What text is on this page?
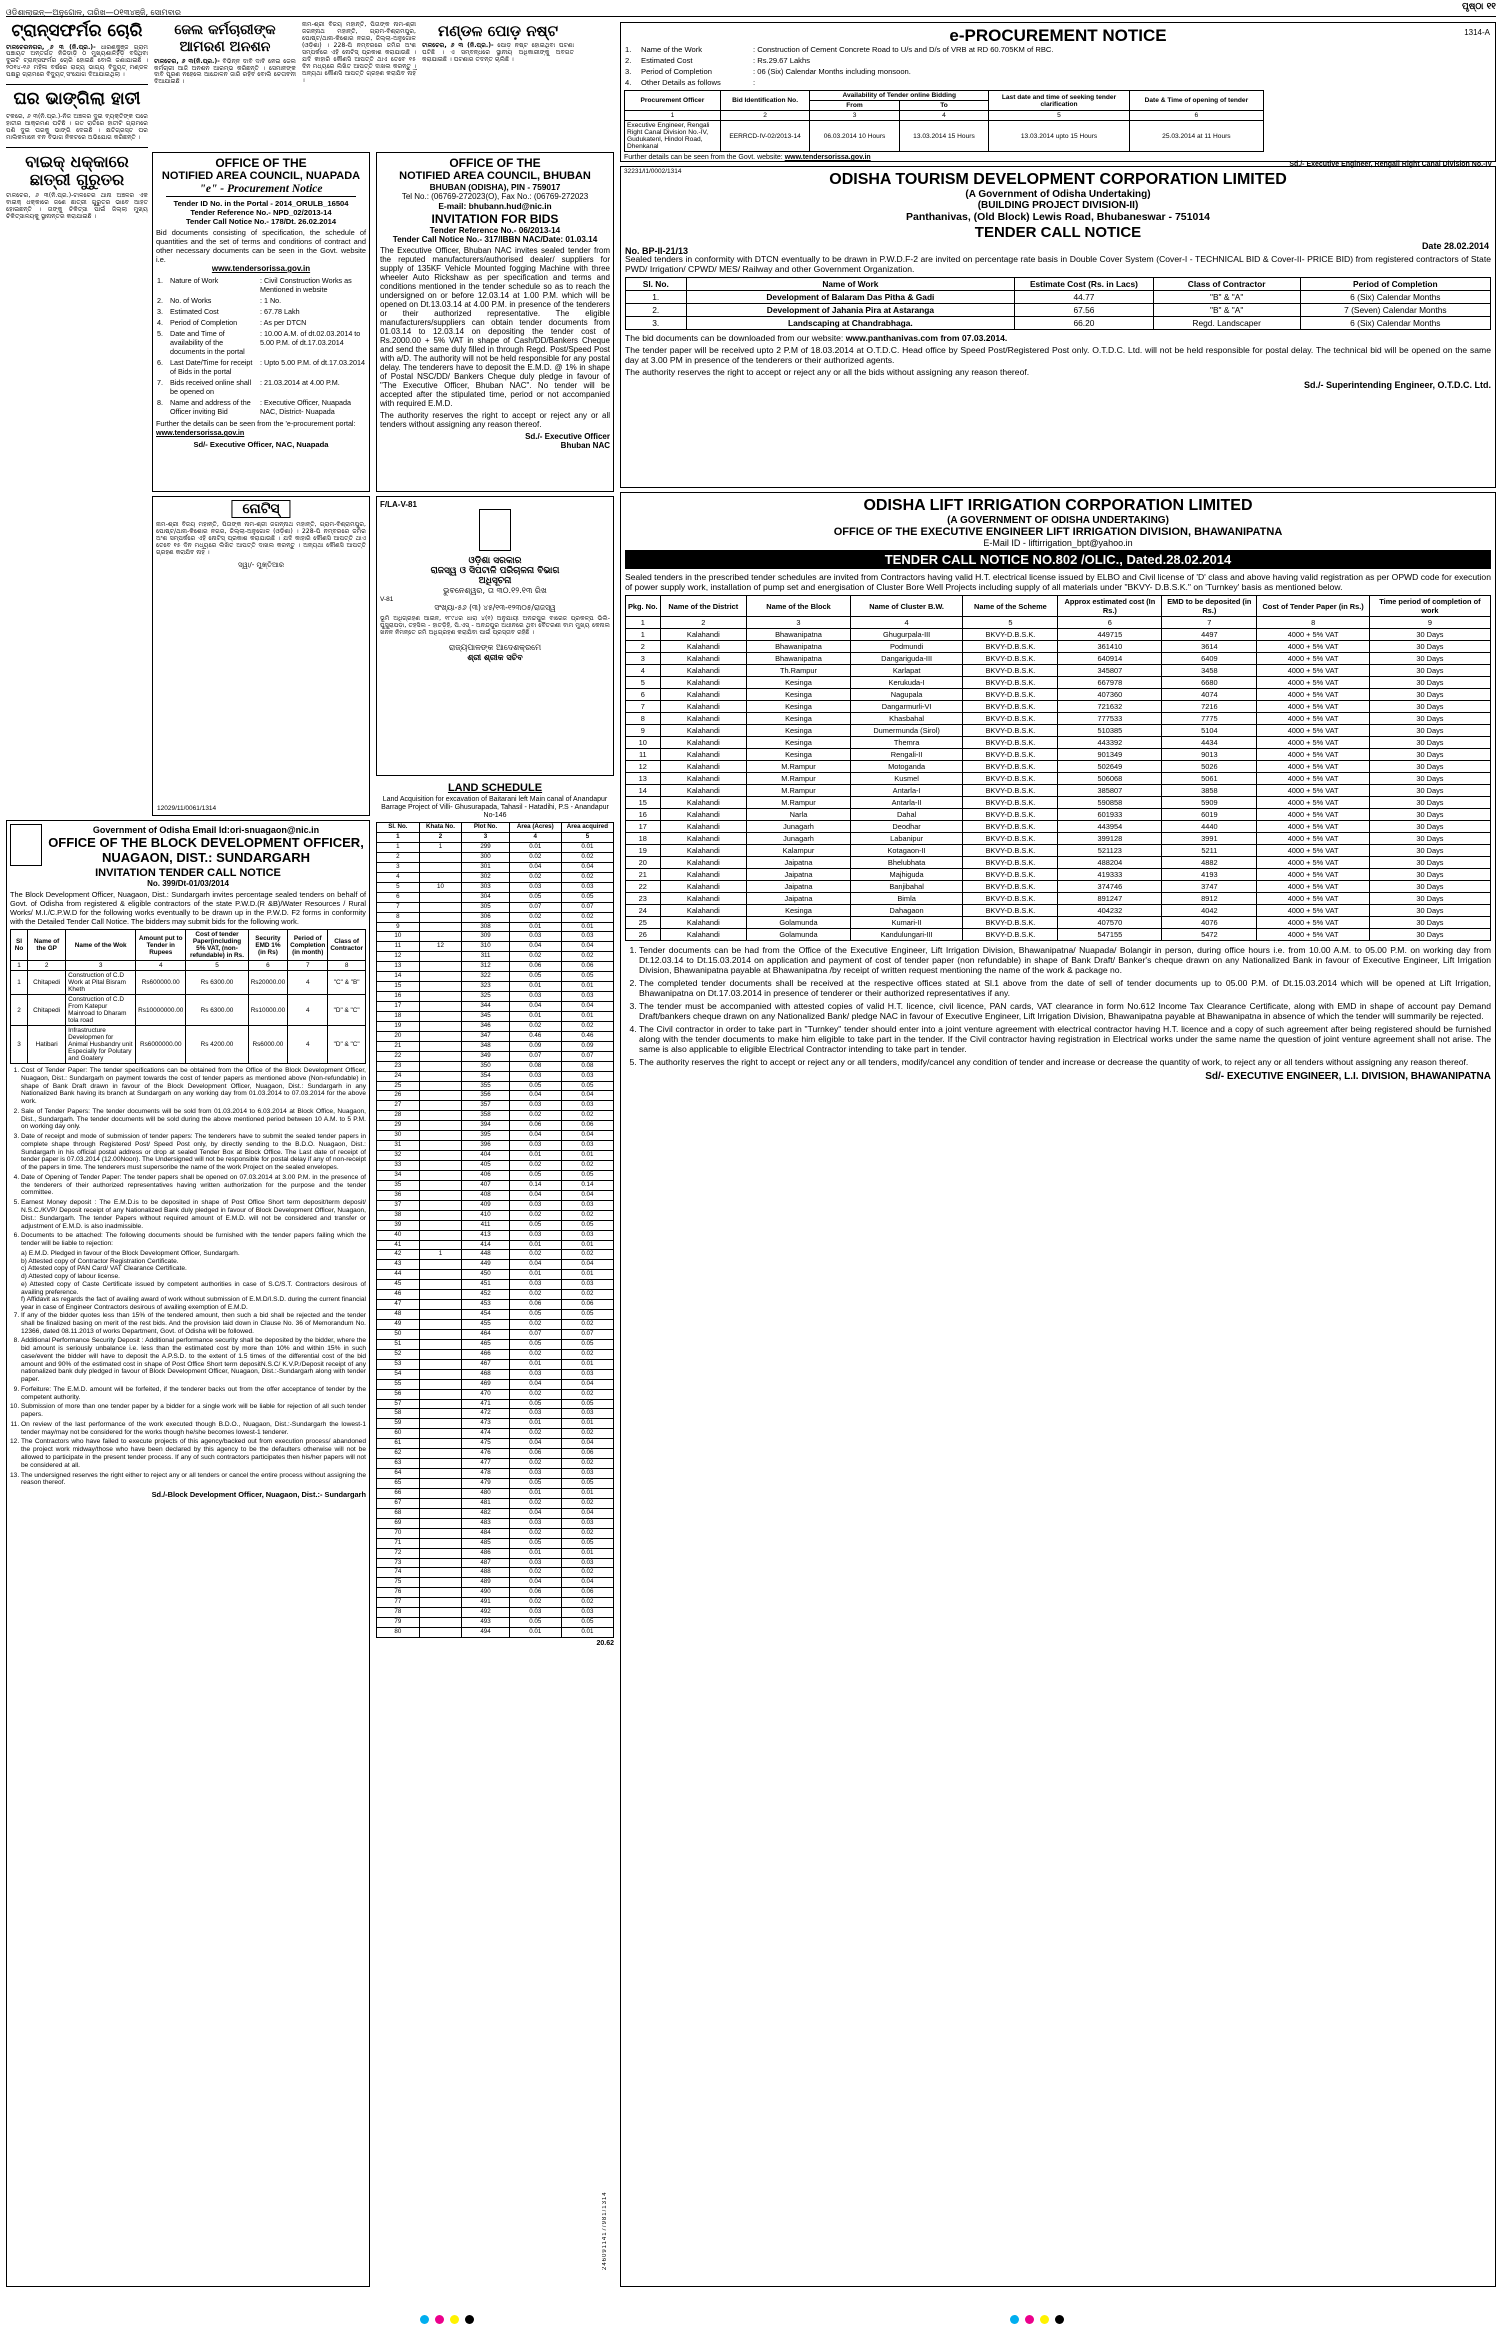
ଓଡ଼ିଶାଲାଇନ୍—ଅନୁଗୋଳ, ତାରିଖ—୦୧୩୪ଞ୍ଜି, ସୋମବାର
ପୃଷ୍ଠା ୧୧
ଟ୍ରାନ୍ସଫର୍ମର ଚୋରି
ଟାଳଚେରନଗର, ୬ ୩ (ନି.ପ୍ର.)- ଧାରଣକୁଞ୍ଜ ଗ୍ରାମ ପଞ୍ଚାୟତ ଅନ୍ତର୍ଗତ ନିଜିଡ଼ାଡ଼ି ଠ ମୁଖ୍ୟଶାଳିହିଡ଼ି ବସିଥିବା ଦୁଇଟି ଟ୍ରାନ୍ସଫର୍ମର ଚୋରି ହୋଇଛି ବୋଲି ଜଣାଯାଇଛି । ୨୦୧୪-୧୬ ମହିଳା ବର୍ଷରେ ରାଜ୍ୟ ଭାଗ୍ୟ ବିଦ୍ୟୁତ୍ ମଣ୍ଡଳ ପକ୍ଷରୁ ଗ୍ରାମରେ ବିଦ୍ୟୁତ୍ ସଂଯୋଗ ଦିଆଯାଇଥିଲା ।
ଘର ଭାଙ୍ଗିଲା ହାତୀ
ଟକରେ, ୬ ୩(ନି.ପ୍ର.)-ନିଜ ଅଞ୍ଚଳର ଦୁଇ ବ୍ୟକ୍ତିଙ୍କ ଘରେ ହାତୀର ଆକ୍ରମଣ ଘଟିଛି । ଗତ ରାତିରେ ହାତୀଟି ଗ୍ରାମରେ ପଶି ଦୁଇ ଘରକୁ ଭାଙ୍ଗି ଦେଇଛି । କ୍ଷତିଗ୍ରସ୍ତ ଘର ମାଲିକମାନେ ବନ ବିଭାଗ ନିକଟରେ ଅଭିଯୋଗ କରିଛନ୍ତି ।
ବାଇକ୍ ଧକ୍କାରେ ଛାତ୍ରୀ ଗୁରୁତର
ଟାଳଚେର, ୬ ୩(ନି.ପ୍ର.)-ଟାଳଚେର ଥାନା ଅଞ୍ଚଳର ଏକ ବାଇକ୍ ଧକ୍କାରେ ଜଣେ ଛାତ୍ରୀ ଗୁରୁତର ଭାବେ ଆହତ ହୋଇଛନ୍ତି । ତାଙ୍କୁ ଚିକିତ୍ସା ପାଇଁ ଜିଲ୍ଲା ମୁଖ୍ୟ ଚିକିତ୍ସାଳୟକୁ ସ୍ଥାନାନ୍ତର କରାଯାଇଛି ।
ଜେଲ କର୍ମଚାରୀଙ୍କ ଆମରଣ ଅନଶନ
ଟାଳଚେର, ୬ ୩(ନି.ପ୍ର.)- ବିଭିନ୍ନ ଦାବି ଦାବି ନେଇ ଜେଲ କର୍ମଚାରୀ ଆଜି ଅନଶନ ଆରମ୍ଭ କରିଛନ୍ତି । ସେମାନଙ୍କ ଦାବି ପୂରଣ ନହେଲେ ଆନ୍ଦୋଳନ ଜାରି ରହିବ ବୋଲି ଚେତାବନୀ ଦିଆଯାଇଛି ।
ମଣ୍ଡଳ ପୋଡ଼ ନଷ୍ଟ
ଟାଳଚେର, ୬ ୩ (ନି.ପ୍ର.)- ପୋଡ଼ ନଷ୍ଟ ହୋଇଥିବା ଘଟଣା ଘଟିଛି । ଏ ସମ୍ବନ୍ଧରେ ସ୍ଥାନୀୟ ଅଧିକାରୀଙ୍କୁ ଅବଗତ କରାଯାଇଛି । ଘଟଣାର ତଦନ୍ତ ଚାଲିଛି ।
ନାମ-ଶ୍ରୀ ବିଜୟ ମହାନ୍ତି, ପିତାଙ୍କ ନାମ-ଶ୍ରୀ ଜଗନ୍ନାଥ ମହାନ୍ତି, ଗ୍ରାମ-ବିଶ୍ରାମପୁର, ପୋଷ୍ଟ/ଥାନା-କିଶୋର ନଗର, ଜିଲ୍ଲା-ଅନୁଗୋଳ (ଓଡ଼ିଶା) । 228-ପି ନମ୍ବରରେ ଜମିର ଅଂଶ ସମ୍ପର୍କରେ ଏହି ନୋଟିସ୍ ପ୍ରକାଶ କରାଯାଉଛି । ଯଦି କାହାରି କୌଣସି ଆପତ୍ତି ଥାଏ ତେବେ ୧୫ ଦିନ ମଧ୍ୟରେ ଲିଖିତ ଆପତ୍ତି ଦାଖଲ କରନ୍ତୁ । ଅନ୍ୟଥା କୌଣସି ଆପତ୍ତି ଗ୍ରହଣ କରାଯିବ ନାହିଁ ।
OFFICE OF THE
NOTIFIED AREA COUNCIL, NUAPADA
"e" - Procurement Notice
Tender ID No. in the Portal - 2014_ORULB_16504
Tender Reference No.- NPD_02/2013-14
Tender Call Notice No.- 178/Dt. 26.02.2014
Bid documents consisting of specification, the schedule of quantities and the set of terms and conditions of contract and other necessary documents can be seen in the Govt. website i.e.
www.tendersorissa.gov.in
1.	Nature of Work	: Civil Construction Works as Mentioned in website
2.	No. of Works	: 1 No.
3.	Estimated Cost	: 67.78 Lakh
4.	Period of Completion	: As per DTCN
5.	Date and Time of availability of the documents in the portal	: 10.00 A.M. of dt.02.03.2014 to 5.00 P.M. of dt.17.03.2014
6.	Last Date/Time for receipt of Bids in the portal	: Upto 5.00 P.M. of dt.17.03.2014
7.	Bids received online shall be opened on	: 21.03.2014 at 4.00 P.M.
8.	Name and address of the Officer inviting Bid	: Executive Officer, Nuapada NAC, District- Nuapada
Further the details can be seen from the 'e-procurement portal: www.tendersorissa.gov.in
Sd/- Executive Officer, NAC, Nuapada
ନୋଟିସ୍
ନାମ-ଶ୍ରୀ ବିଜୟ ମହାନ୍ତି, ପିତାଙ୍କ ନାମ-ଶ୍ରୀ ଜଗନ୍ନାଥ ମହାନ୍ତି, ଗ୍ରାମ-ବିଶ୍ରାମପୁର, ପୋଷ୍ଟ/ଥାନା-କିଶୋର ନଗର, ଜିଲ୍ଲା-ଅନୁଗୋଳ (ଓଡ଼ିଶା) । 228-ପି ନମ୍ବରରେ ଜମିର ଅଂଶ ସମ୍ପର୍କରେ ଏହି ନୋଟିସ୍ ପ୍ରକାଶ କରାଯାଉଛି । ଯଦି କାହାରି କୌଣସି ଆପତ୍ତି ଥାଏ ତେବେ ୧୫ ଦିନ ମଧ୍ୟରେ ଲିଖିତ ଆପତ୍ତି ଦାଖଲ କରନ୍ତୁ । ଅନ୍ୟଥା କୌଣସି ଆପତ୍ତି ଗ୍ରହଣ କରାଯିବ ନାହିଁ ।
ସ୍ୱା/- ମୁଖ୍ତିଆର
12029/11/0061/1314
OFFICE OF THE
NOTIFIED AREA COUNCIL, BHUBAN
BHUBAN (ODISHA), PIN - 759017
Tel No.: (06769-272023(O), Fax No.: (06769-272023
E-mail: bhubann.hud@nic.in
INVITATION FOR BIDS
Tender Reference No.- 06/2013-14
Tender Call Notice No.- 317/IBBN NAC/Date: 01.03.14
The Executive Officer, Bhuban NAC invites sealed tender from the reputed manufacturers/authorised dealer/ suppliers for supply of 135KF Vehicle Mounted fogging Machine with three wheeler Auto Rickshaw as per specification and terms and conditions mentioned in the tender schedule so as to reach the undersigned on or before 12.03.14 at 1.00 P.M. which will be opened on Dt.13.03.14 at 4.00 P.M. in presence of the tenderers or their authorized representative. The eligible manufacturers/suppliers can obtain tender documents from 01.03.14 to 12.03.14 on depositing the tender cost of Rs.2000.00 + 5% VAT in shape of Cash/DD/Bankers Cheque and send the same duly filled in through Regd. Post/Speed Post with a/D. The authority will not be held responsible for any postal delay. The tenderers have to deposit the E.M.D. @ 1% in shape of Postal NSC/DD/ Bankers Cheque duly pledge in favour of "The Executive Officer, Bhuban NAC". No tender will be accepted after the stipulated time, period or not accompanied with required E.M.D.
The authority reserves the right to accept or reject any or all tenders without assigning any reason thereof.
Sd./- Executive Officer
Bhuban NAC
F/LA-V-81
ଓଡ଼ିଶା ସରକାର
ରାଜସ୍ୱ ଓ ସିପଟାଳି ପରିଚାଳନା ବିଭାଗ
ଅଧିସୂଚନା
ଭୁବନେଶ୍ୱର, ତା ୩୦.୧୨.୧୩ ରିଖ
V-81
ସଂଖ୍ୟା-୫୬ (୩) ୪୫/୧୩-୧୨୩୦୫/ରାଜସ୍ୱ
ଭୂମି ଅଧିଗ୍ରହଣ ଆଇନ, ୧୮୯୪ର ଧାରା ୪(୧) ଅନୁଯାୟୀ ଅନନ୍ଦପୁର ବାରେଜ ପ୍ରକଳ୍ପ ଭିଲି-ଘୁସୁରାପଡ଼ା, ତହସିଲ - ହାତଡ଼ିହି, ପି.ଏସ୍ - ଅନନ୍ଦପୁର ଅଧୀନରେ ଥିବା ବୈତରଣୀ ବାମ ମୁଖ୍ୟ କେନାଲ ଖନନ ନିମନ୍ତେ ଜମି ଅଧିଗ୍ରହଣ କରାଯିବା ପାଇଁ ପ୍ରସ୍ତାବ ରହିଛି ।
ରାଜ୍ୟପାଳଙ୍କ ଆଦେଶକ୍ରମେ
ଶ୍ରୀ ଶ୍ରୀକ ସଚିବ
LAND SCHEDULE
Land Acquisition for excavation of Baitarani left Main canal of Anandapur Barrage Project of Villi- Ghusurapada, Tahasil - Hatadihi, P.S - Anandapur No-146
Sl. No.	Khata No.	Plot No.	Area (Acres)	Area acquired
1	2	3	4	5
1	1	299	0.01	0.01
2		300	0.02	0.02
3		301	0.04	0.04
4		302	0.02	0.02
5	10	303	0.03	0.03
6		304	0.05	0.05
7		305	0.07	0.07
8		306	0.02	0.02
9		308	0.01	0.01
10		309	0.03	0.03
11	12	310	0.04	0.04
12		311	0.02	0.02
13		312	0.06	0.06
14		322	0.05	0.05
15		323	0.01	0.01
16		325	0.03	0.03
17		344	0.04	0.04
18		345	0.01	0.01
19		346	0.02	0.02
20		347	0.46	0.46
21		348	0.09	0.09
22		349	0.07	0.07
23		350	0.08	0.08
24		354	0.03	0.03
25		355	0.05	0.05
26		356	0.04	0.04
27		357	0.03	0.03
28		358	0.02	0.02
29		394	0.06	0.06
30		395	0.04	0.04
31		396	0.03	0.03
32		404	0.01	0.01
33		405	0.02	0.02
34		406	0.05	0.05
35		407	0.14	0.14
36		408	0.04	0.04
37		409	0.03	0.03
38		410	0.02	0.02
39		411	0.05	0.05
40		413	0.03	0.03
41		414	0.01	0.01
42	1	448	0.02	0.02
43		449	0.04	0.04
44		450	0.01	0.01
45		451	0.03	0.03
46		452	0.02	0.02
47		453	0.06	0.06
48		454	0.05	0.05
49		455	0.02	0.02
50		464	0.07	0.07
51		465	0.05	0.05
52		466	0.02	0.02
53		467	0.01	0.01
54		468	0.03	0.03
55		469	0.04	0.04
56		470	0.02	0.02
57		471	0.05	0.05
58		472	0.03	0.03
59		473	0.01	0.01
60		474	0.02	0.02
61		475	0.04	0.04
62		476	0.06	0.06
63		477	0.02	0.02
64		478	0.03	0.03
65		479	0.05	0.05
66		480	0.01	0.01
67		481	0.02	0.02
68		482	0.04	0.04
69		483	0.03	0.03
70		484	0.02	0.02
71		485	0.05	0.05
72		486	0.01	0.01
73		487	0.03	0.03
74		488	0.02	0.02
75		489	0.04	0.04
76		490	0.06	0.06
77		491	0.02	0.02
78		492	0.03	0.03
79		493	0.05	0.05
80		494	0.01	0.01
20.62
e-PROCUREMENT NOTICE	1314-A
1.	Name of the Work	: Construction of Cement Concrete Road to U/s and D/s of VRB at RD 60.705KM of RBC.
2.	Estimated Cost	: Rs.29.67 Lakhs
3.	Period of Completion	: 06 (Six) Calendar Months including monsoon.
4.	Other Details as follows	:
Procurement Officer	Bid Identification No.	Availability of Tender online Bidding		Last date and time of seeking tender clarification	Date & Time of opening of tender
		From	To		
1	2	3	4	5	6
Executive Engineer, Rengali Right Canal Division No.-IV, Gudukatenl, Hindol Road, Dhenkanal	EERRCD-IV-02/2013-14	06.03.2014 10 Hours	13.03.2014 15 Hours	13.03.2014 upto 15 Hours	25.03.2014 at 11 Hours
Further details can be seen from the Govt. website: www.tendersorissa.gov.in
Sd./- Executive Engineer, Rengali Right Canal Division No.-IV
32231/l1/0002/1314	ODISHA TOURISM DEVELOPMENT CORPORATION LIMITED
(A Government of Odisha Undertaking)
(BUILDING PROJECT DIVISION-II)
Panthanivas, (Old Block) Lewis Road, Bhubaneswar - 751014
TENDER CALL NOTICE
No. BP-II-21/13	Date 28.02.2014
Sealed tenders in conformity with DTCN eventually to be drawn in P.W.D.F-2 are invited on percentage rate basis in Double Cover System (Cover-I - TECHNICAL BID & Cover-II- PRICE BID) from registered contractors of State PWD/ Irrigation/ CPWD/ MES/ Railway and other Government Organization.
Sl. No.	Name of Work	Estimate Cost (Rs. in Lacs)	Class of Contractor	Period of Completion
1.	Development of Balaram Das Pitha & Gadi	44.77	"B" & "A"	6 (Six) Calendar Months
2.	Development of Jahania Pira at Astaranga	67.56	"B" & "A"	7 (Seven) Calendar Months
3.	Landscaping at Chandrabhaga.	66.20	Regd. Landscaper	6 (Six) Calendar Months
The bid documents can be downloaded from our website: www.panthanivas.com from 07.03.2014.
The tender paper will be received upto 2 P.M of 18.03.2014 at O.T.D.C. Head office by Speed Post/Registered Post only. O.T.D.C. Ltd. will not be held responsible for postal delay. The technical bid will be opened on the same day at 3.00 PM in presence of the tenderers or their authorized agents.
The authority reserves the right to accept or reject any or all the bids without assigning any reason thereof.
Sd./- Superintending Engineer, O.T.D.C. Ltd.
ODISHA LIFT IRRIGATION CORPORATION LIMITED
(A GOVERNMENT OF ODISHA UNDERTAKING)
OFFICE OF THE EXECUTIVE ENGINEER LIFT IRRIGATION DIVISION, BHAWANIPATNA
E-Mail ID - liftirrigation_bpt@yahoo.in
TENDER CALL NOTICE NO.802 /OLIC., Dated.28.02.2014
Sealed tenders in the prescribed tender schedules are invited from Contractors having valid H.T. electrical license issued by ELBO and Civil license of 'D' class and above having valid registration as per OPWD code for execution of power supply work, installation of pump set and energisation of Cluster Bore Well Projects including supply of all materials under "BKVY- D.B.S.K." on 'Turnkey' basis as mentioned below.
Pkg. No.	Name of the District	Name of the Block	Name of Cluster B.W.	Name of the Scheme	Approx estimated cost (In Rs.)	EMD to be deposited (in Rs.)	Cost of Tender Paper (in Rs.)	Time period of completion of work
1	2	3	4	5	6	7	8	9
1	Kalahandi	Bhawanipatna	Ghugurpala-III	BKVY-D.B.S.K.	449715	4497	4000 + 5% VAT	30 Days
2	Kalahandi	Bhawanipatna	Podmundi	BKVY-D.B.S.K.	361410	3614	4000 + 5% VAT	30 Days
3	Kalahandi	Bhawanipatna	Dangariguda-III	BKVY-D.B.S.K.	640914	6409	4000 + 5% VAT	30 Days
4	Kalahandi	Th.Rampur	Karlapat	BKVY-D.B.S.K.	345807	3458	4000 + 5% VAT	30 Days
5	Kalahandi	Kesinga	Kerukuda-I	BKVY-D.B.S.K.	667978	6680	4000 + 5% VAT	30 Days
6	Kalahandi	Kesinga	Nagupala	BKVY-D.B.S.K.	407360	4074	4000 + 5% VAT	30 Days
7	Kalahandi	Kesinga	Dangarmurli-VI	BKVY-D.B.S.K.	721632	7216	4000 + 5% VAT	30 Days
8	Kalahandi	Kesinga	Khasbahal	BKVY-D.B.S.K.	777533	7775	4000 + 5% VAT	30 Days
9	Kalahandi	Kesinga	Dumermunda (Sirol)	BKVY-D.B.S.K.	510385	5104	4000 + 5% VAT	30 Days
10	Kalahandi	Kesinga	Themra	BKVY-D.B.S.K.	443392	4434	4000 + 5% VAT	30 Days
11	Kalahandi	Kesinga	Rengali-II	BKVY-D.B.S.K.	901349	9013	4000 + 5% VAT	30 Days
12	Kalahandi	M.Rampur	Motoganda	BKVY-D.B.S.K.	502649	5026	4000 + 5% VAT	30 Days
13	Kalahandi	M.Rampur	Kusmel	BKVY-D.B.S.K.	506068	5061	4000 + 5% VAT	30 Days
14	Kalahandi	M.Rampur	Antarla-I	BKVY-D.B.S.K.	385807	3858	4000 + 5% VAT	30 Days
15	Kalahandi	M.Rampur	Antarla-II	BKVY-D.B.S.K.	590858	5909	4000 + 5% VAT	30 Days
16	Kalahandi	Narla	Dahal	BKVY-D.B.S.K.	601933	6019	4000 + 5% VAT	30 Days
17	Kalahandi	Junagarh	Deodhar	BKVY-D.B.S.K.	443954	4440	4000 + 5% VAT	30 Days
18	Kalahandi	Junagarh	Labanipur	BKVY-D.B.S.K.	399128	3991	4000 + 5% VAT	30 Days
19	Kalahandi	Kalampur	Kotagaon-II	BKVY-D.B.S.K.	521123	5211	4000 + 5% VAT	30 Days
20	Kalahandi	Jaipatna	Bhelubhata	BKVY-D.B.S.K.	488204	4882	4000 + 5% VAT	30 Days
21	Kalahandi	Jaipatna	Majhiguda	BKVY-D.B.S.K.	419333	4193	4000 + 5% VAT	30 Days
22	Kalahandi	Jaipatna	Banjibahal	BKVY-D.B.S.K.	374746	3747	4000 + 5% VAT	30 Days
23	Kalahandi	Jaipatna	Bimla	BKVY-D.B.S.K.	891247	8912	4000 + 5% VAT	30 Days
24	Kalahandi	Kesinga	Dahagaon	BKVY-D.B.S.K.	404232	4042	4000 + 5% VAT	30 Days
25	Kalahandi	Golamunda	Kumari-II	BKVY-D.B.S.K.	407570	4076	4000 + 5% VAT	30 Days
26	Kalahandi	Golamunda	Kandulungari-III	BKVY-D.B.S.K.	547155	5472	4000 + 5% VAT	30 Days
1. Tender documents can be had from the Office of the Executive Engineer, Lift Irrigation Division, Bhawanipatna/ Nuapada/ Bolangir in person, during office hours i.e. from 10.00 A.M. to 05.00 P.M. on working day from Dt.12.03.14 to Dt.15.03.2014 on application and payment of cost of tender paper (non refundable) in shape of Bank Draft/ Banker's cheque drawn on any Nationalized Bank in favour of Executive Engineer, Lift Irrigation Division, Bhawanipatna payable at Bhawanipatna /by receipt of written request mentioning the name of the work & package no.
2. The completed tender documents shall be received at the respective offices stated at Sl.1 above from the date of sell of tender documents up to 05.00 P.M. of Dt.15.03.2014 which will be opened at Lift Irrigation, Bhawanipatna on Dt.17.03.2014 in presence of tenderer or their authorized representatives if any.
3. The tender must be accompanied with attested copies of valid H.T. licence, civil licence, PAN cards, VAT clearance in form No.612 Income Tax Clearance Certificate, along with EMD in shape of account pay Demand Draft/bankers cheque drawn on any Nationalized Bank/ pledge NAC in favour of Executive Engineer, Lift Irrigation Division, Bhawanipatna payable at Bhawanipatna in absence of which the tender will summarily be rejected.
4. The Civil contractor in order to take part in "Turnkey" tender should enter into a joint venture agreement with electrical contractor having H.T. licence and a copy of such agreement after being registered should be furnished along with the tender documents to make him eligible to take part in the tender. If the Civil contractor having registration in Electrical works under the same name the question of joint venture agreement shall not arise. The same is also applicable to eligible Electrical Contractor intending to take part in tender.
5. The authority reserves the right to accept or reject any or all tenders, modify/cancel any condition of tender and increase or decrease the quantity of work, to reject any or all tenders without assigning any reason thereof.
Sd/- EXECUTIVE ENGINEER, L.I. DIVISION, BHAWANIPATNA
Government of Odisha Email Id:ori-snuagaon@nic.in
OFFICE OF THE BLOCK DEVELOPMENT OFFICER,
NUAGAON, DIST.: SUNDARGARH
INVITATION TENDER CALL NOTICE
No. 399/Dt-01/03/2014
The Block Development Officer, Nuagaon, Dist.: Sundargarh invites percentage sealed tenders on behalf of Govt. of Odisha from registered & eligible contractors of the state P.W.D.(R &B)/Water Resources / Rural Works/ M.I./C.P.W.D for the following works eventually to be drawn up in the P.W.D. F2 forms in conformity with the Detailed Tender Call Notice. The bidders may submit bids for the following work.
Sl No	Name of the GP	Name of the Wok	Amount put to Tender in Rupees	Cost of tender Paper(including 5% VAT, (non-refundable) in Rs.	Security EMD 1% (in Rs)	Period of Completion (in month)	Class of Contractor
1	2	3	4	5	6	7	8
1	Chitapedi	Construction of C.D Work at Pital Bisram Kheth	Rs600000.00	Rs 6300.00	Rs20000.00	4	"C" & "B"
2	Chitapedi	Construction of C.D From Katepur Mainroad to Dharam tola road	Rs10000000.00	Rs 6300.00	Rs10000.00	4	"D" & "C"
3	Hatibari	Infrastructure Developmen for Animal Husbandry unit Especially for Polutary and Goatery	Rs6000000.00	Rs 4200.00	Rs6000.00	4	"D" & "C"
1. Cost of Tender Paper: The tender specifications can be obtained from the Office of the Block Development Officer, Nuagaon, Dist.: Sundargarh on payment towards the cost of tender papers as mentioned above (Non-refundable) in shape of Bank Draft drawn in favour of the Block Development Officer, Nuagaon, Dist.: Sundargarh in any Nationalized Bank having its branch at Sundargarh on any working day from 01.03.2014 to 07.03.2014 for the above work.
2. Sale of Tender Papers: The tender documents will be sold from 01.03.2014 to 6.03.2014 at Block Office, Nuagaon, Dist., Sundargarh. The tender documents will be sold during the above mentioned period between 10 A.M. to 5 P.M. on working day only.
3. Date of receipt and mode of submission of tender papers: The tenderers have to submit the sealed tender papers in complete shape through Registered Post/ Speed Post only, by directly sending to the B.D.O. Nuagaon, Dist.: Sundargarh in his official postal address or drop at sealed Tender Box at Block Office. The Last date of receipt of tender paper is 07.03.2014 (12.00Noon). The Undersigned will not be responsible for postal delay if any of non-receipt of the papers in time. The tenderers must supersoribe the name of the work Project on the sealed envelopes.
4. Date of Opening of Tender Paper: The tender papers shall be opened on 07.03.2014 at 3.00 P.M. in the presence of the tenderers of their authorized representatives having written authorization for the purpose and the tender committee.
5. Earnest Money deposit : The E.M.D.is to be deposited in shape of Post Office Short term deposit/term deposit/ N.S.C./KVP/ Deposit receipt of any Nationalized Bank duly pledged in favour of Block Development Officer, Nuagaon, Dist.: Sundargarh. The tender Papers without required amount of E.M.D. will not be considered and transfer or adjustment of E.M.D. is also inadmissible.
6. Documents to be attached: The following documents should be furnished with the tender papers failing which the tender will be liable to rejection:
a) E.M.D. Pledged in favour of the Block Development Officer, Sundargarh.
b) Attested copy of Contractor Registration Certificate.
c) Attested copy of PAN Card/ VAT Clearance Certificate.
d) Attested copy of labour license.
e) Attested copy of Caste Certificate issued by competent authorities in case of S.C/S.T. Contractors desirous of availing preference.
f) Affidavit as regards the fact of availing award of work without submission of E.M.D/I.S.D. during the current financial year in case of Engineer Contractors desirous of availing exemption of E.M.D.
7. If any of the bidder quotes less than 15% of the tendered amount, then such a bid shall be rejected and the tender shall be finalized basing on merit of the rest bids. And the provision laid down in Clause No. 36 of Memorandum No. 12366, dated 08.11.2013 of works Department, Govt. of Odisha will be followed.
8. Additional Performance Security Deposit : Additional performance security shall be deposited by the bidder, where the bid amount is seriously unbalance i.e. less than the estimated cost by more than 10% and within 15% in such case/event the bidder will have to deposit the A.P.S.D. to the extent of 1.5 times of the differential cost of the bid amount and 90% of the estimated cost in shape of Post Office Short term depositN.S.C/ K.V.P./Deposit receipt of any nationalized bank duly pledged in favour of Block Development Officer, Nuagaon, Dist.:-Sundargarh along with tender paper.
9. Forfeiture: The E.M.D. amount will be forfeited, if the tenderer backs out from the offer acceptance of tender by the competent authority.
10. Submission of more than one tender paper by a bidder for a single work will be liable for rejection of all such tender papers.
11. On review of the last performance of the work executed though B.D.O., Nuagaon, Dist.:-Sundargarh the lowest-1 tender may/may not be considered for the works though he/she becomes lowest-1 tenderer.
12. The Contractors who have failed to execute projects of this agency/backed out from execution process/ abandoned the project work midway/those who have been declared by this agency to be the defaulters otherwise will not be allowed to participate in the present tender process. If any of such contractors participates then his/her papers will not be considered at all.
13. The undersigned reserves the right either to reject any or all tenders or cancel the entire process without assigning the reason thereof.
Sd./-Block Development Officer, Nuagaon, Dist.:- Sundargarh
2460911417/981/1314
